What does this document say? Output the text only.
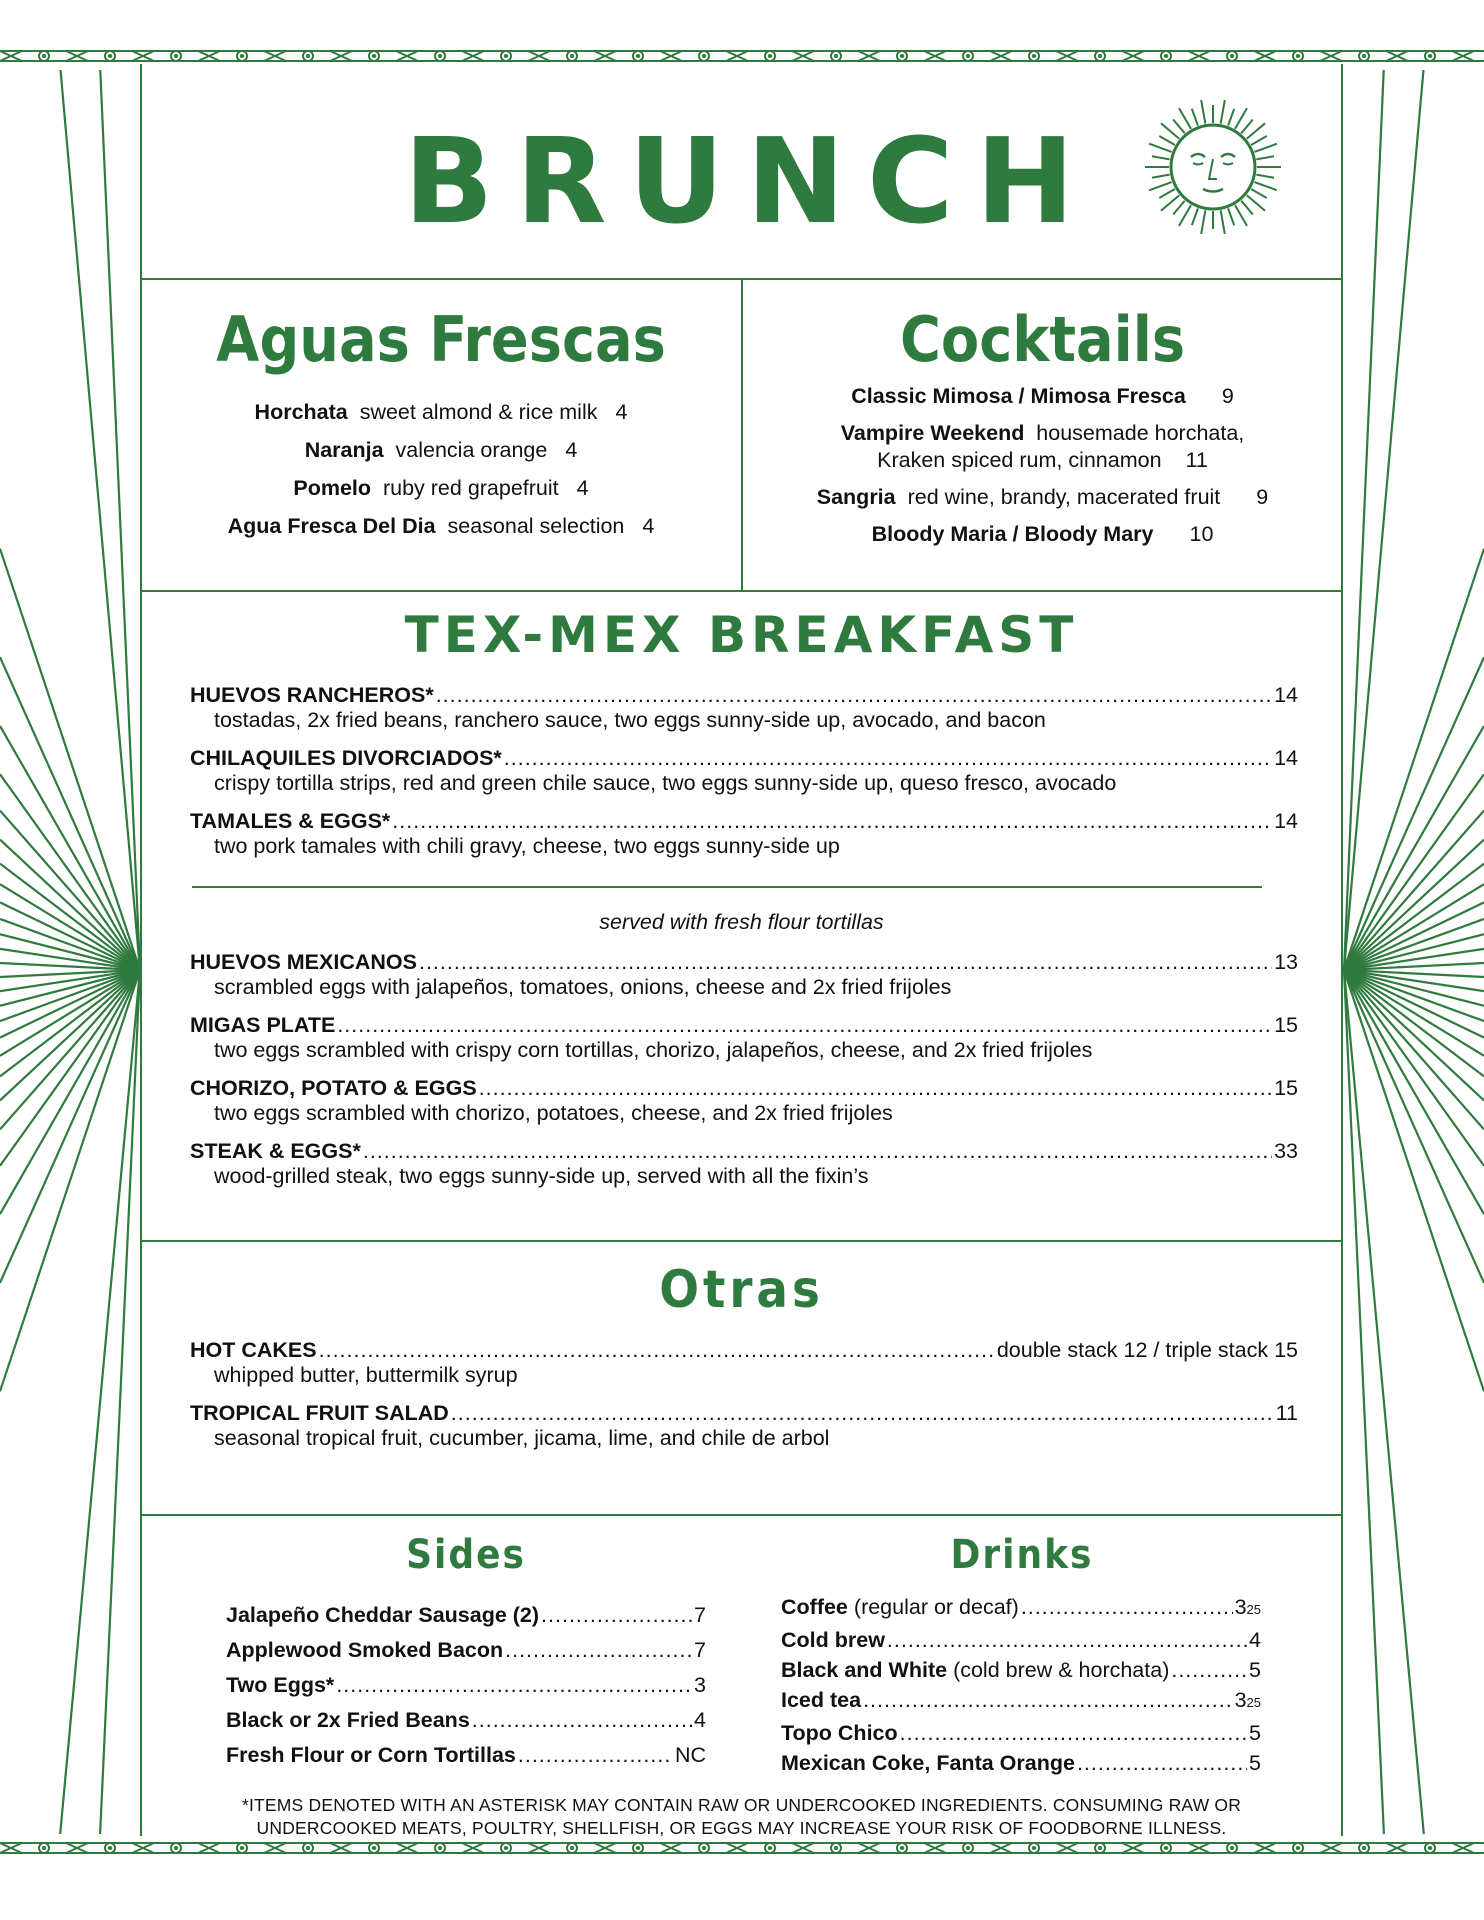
BRUNCH
Aguas Frescas
Horchata sweet almond & rice milk 4
Naranja valencia orange 4
Pomelo ruby red grapefruit 4
Agua Fresca Del Dia seasonal selection 4
Cocktails
Classic Mimosa / Mimosa Fresca 9
Vampire Weekend housemade horchata,
Kraken spiced rum, cinnamon 11
Sangria red wine, brandy, macerated fruit 9
Bloody Maria / Bloody Mary 10
TEX-MEX BREAKFAST
HUEVOS RANCHEROS* .....	14
tostadas, 2x fried beans, ranchero sauce, two eggs sunny-side up, avocado, and bacon
CHILAQUILES DIVORCIADOS* .....	14
crispy tortilla strips, red and green chile sauce, two eggs sunny-side up, queso fresco, avocado
TAMALES & EGGS* .....	14
two pork tamales with chili gravy, cheese, two eggs sunny-side up
served with fresh flour tortillas
HUEVOS MEXICANOS .....	13
scrambled eggs with jalapeños, tomatoes, onions, cheese and 2x fried frijoles
MIGAS PLATE .....	15
two eggs scrambled with crispy corn tortillas, chorizo, jalapeños, cheese, and 2x fried frijoles
CHORIZO, POTATO & EGGS .....	15
two eggs scrambled with chorizo, potatoes, cheese, and 2x fried frijoles
STEAK & EGGS* .....	33
wood-grilled steak, two eggs sunny-side up, served with all the fixin’s
Otras
HOT CAKES .....	double stack 12 / triple stack 15
whipped butter, buttermilk syrup
TROPICAL FRUIT SALAD .....	11
seasonal tropical fruit, cucumber, jicama, lime, and chile de arbol
Sides
Jalapeño Cheddar Sausage (2) .....	7
Applewood Smoked Bacon .....	7
Two Eggs* .....	3
Black or 2x Fried Beans .....	4
Fresh Flour or Corn Tortillas .....	NC
Drinks
Coffee (regular or decaf) .....	3 25
Cold brew .....	4
Black and White (cold brew & horchata) .....	5
Iced tea .....	3 25
Topo Chico .....	5
Mexican Coke, Fanta Orange .....	5
*ITEMS DENOTED WITH AN ASTERISK MAY CONTAIN RAW OR UNDERCOOKED INGREDIENTS. CONSUMING RAW OR
UNDERCOOKED MEATS, POULTRY, SHELLFISH, OR EGGS MAY INCREASE YOUR RISK OF FOODBORNE ILLNESS.
